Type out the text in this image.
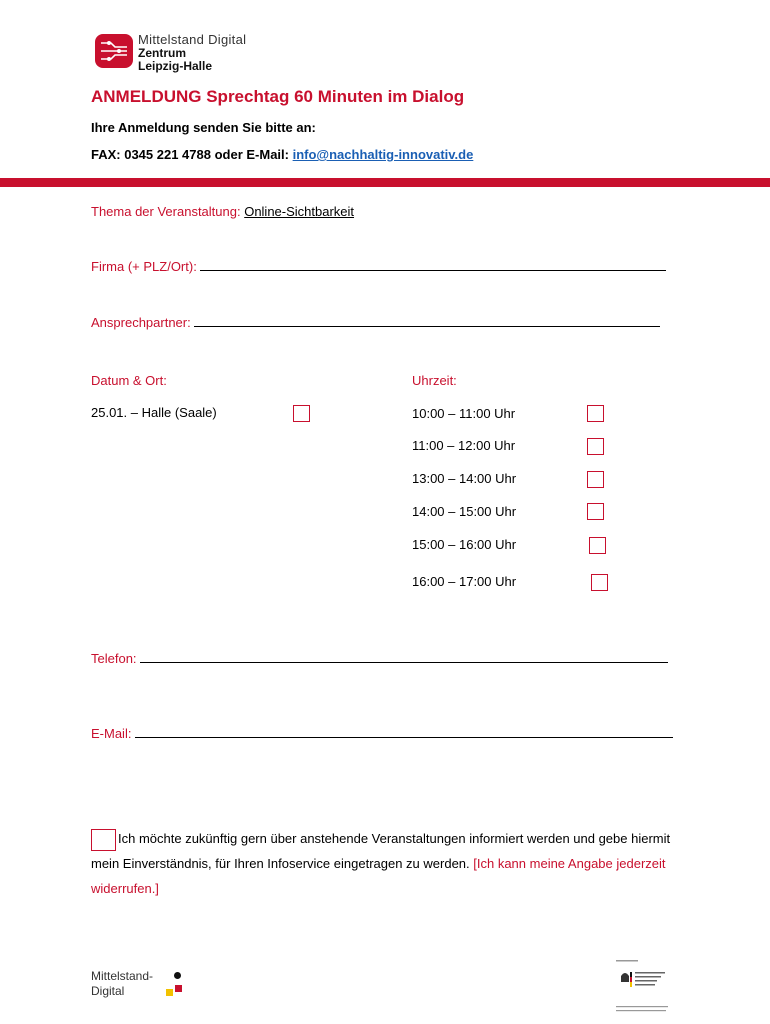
Mittelstand Digital
Zentrum
Leipzig-Halle
ANMELDUNG Sprechtag 60 Minuten im Dialog
Ihre Anmeldung senden Sie bitte an:
FAX: 0345 221 4788 oder E-Mail: info@nachhaltig-innovativ.de
Thema der Veranstaltung: Online-Sichtbarkeit
Firma (+ PLZ/Ort):
Ansprechpartner:
Datum & Ort:	Uhrzeit:
25.01. – Halle (Saale)	10:00 – 11:00 Uhr
11:00 – 12:00 Uhr
13:00 – 14:00 Uhr
14:00 – 15:00 Uhr
15:00 – 16:00 Uhr
16:00 – 17:00 Uhr
Telefon:
E-Mail:
Ich möchte zukünftig gern über anstehende Veranstaltungen informiert werden und gebe hiermit mein Einverständnis, für Ihren Infoservice eingetragen zu werden. [Ich kann meine Angabe jederzeit widerrufen.]
Mittelstand-
Digital
